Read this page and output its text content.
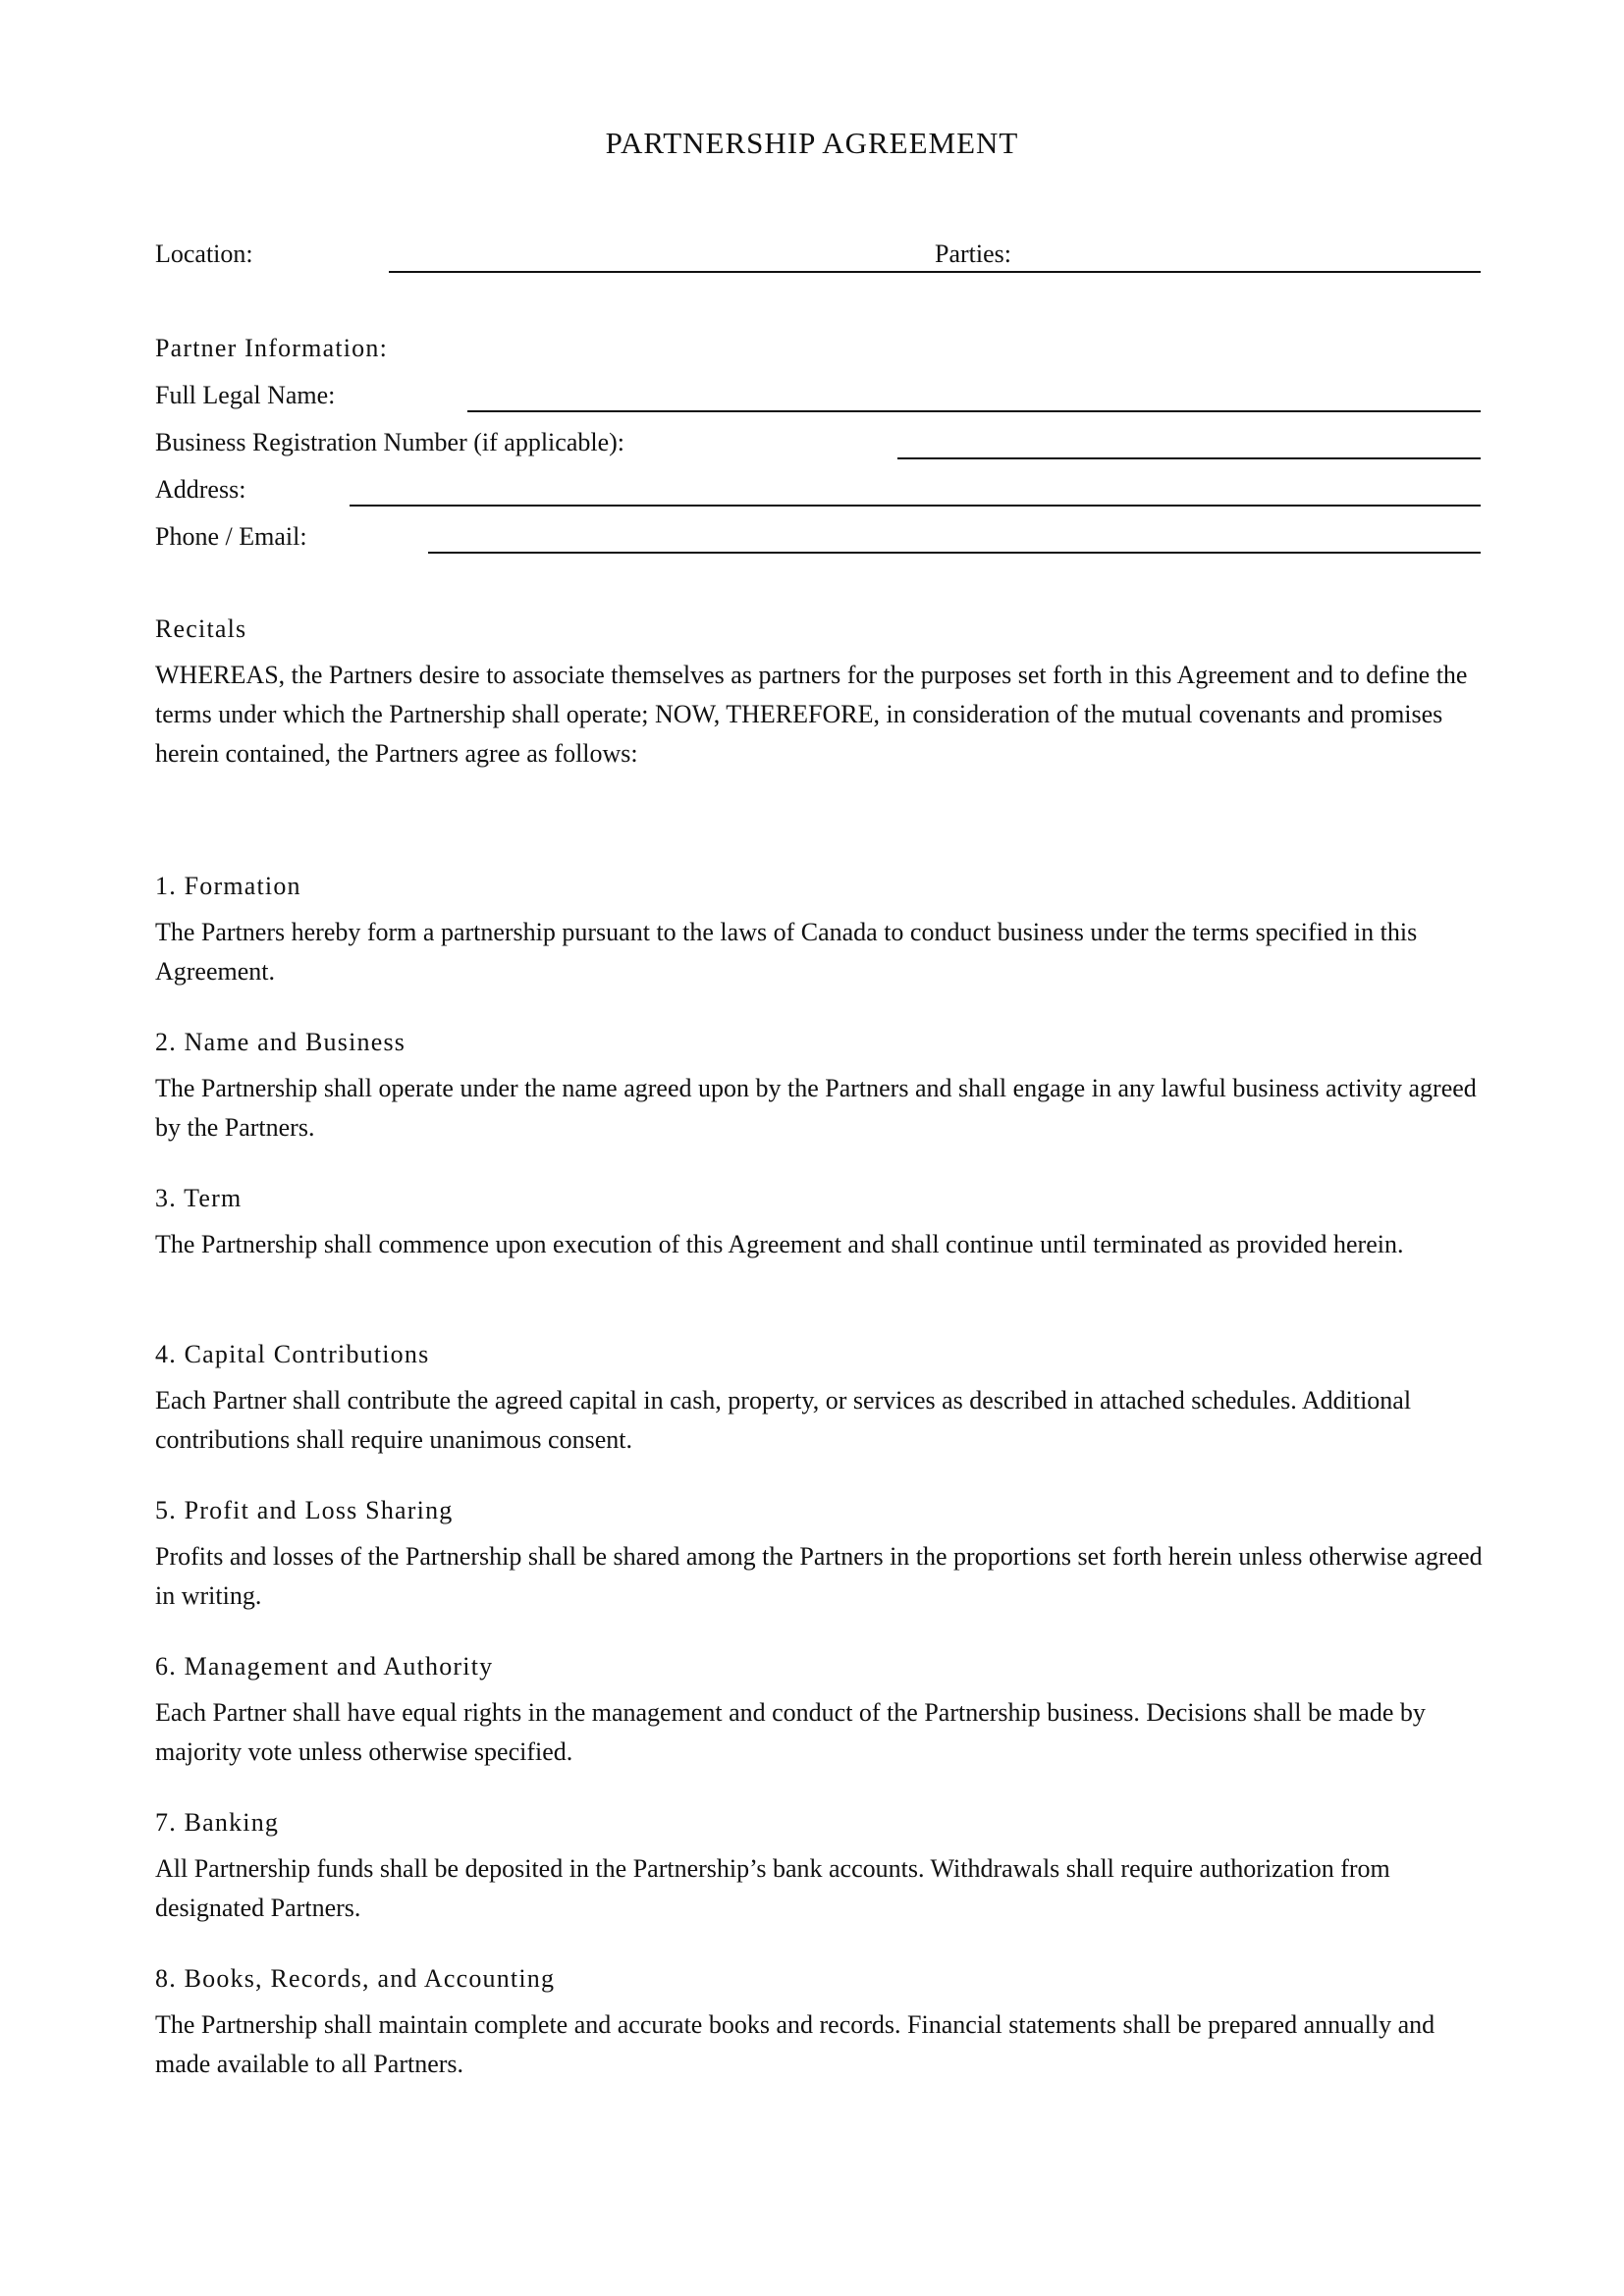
PARTNERSHIP AGREEMENT
Location:	Parties:
Partner Information:
Full Legal Name:
Business Registration Number (if applicable):
Address:
Phone / Email:
Recitals

WHEREAS, the Partners desire to associate themselves as partners for the purposes set forth in this Agreement and to define the terms under which the Partnership shall operate; NOW, THEREFORE, in consideration of the mutual covenants and promises herein contained, the Partners agree as follows:

1. Formation

The Partners hereby form a partnership pursuant to the laws of Canada to conduct business under the terms specified in this Agreement.

2. Name and Business

The Partnership shall operate under the name agreed upon by the Partners and shall engage in any lawful business activity agreed by the Partners.

3. Term

The Partnership shall commence upon execution of this Agreement and shall continue until terminated as provided herein.

4. Capital Contributions

Each Partner shall contribute the agreed capital in cash, property, or services as described in attached schedules. Additional contributions shall require unanimous consent.

5. Profit and Loss Sharing

Profits and losses of the Partnership shall be shared among the Partners in the proportions set forth herein unless otherwise agreed in writing.

6. Management and Authority

Each Partner shall have equal rights in the management and conduct of the Partnership business. Decisions shall be made by majority vote unless otherwise specified.

7. Banking

All Partnership funds shall be deposited in the Partnership’s bank accounts. Withdrawals shall require authorization from designated Partners.

8. Books, Records, and Accounting

The Partnership shall maintain complete and accurate books and records. Financial statements shall be prepared annually and made available to all Partners.
